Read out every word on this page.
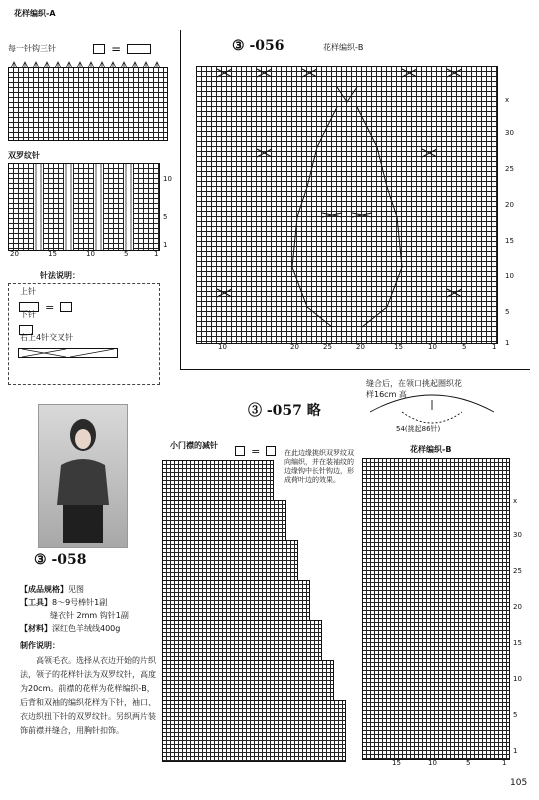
花样编织-A
每一针钩三针	=
双罗纹针
20	15	10	5	1
10
5
1
针法说明：
上针
=
下针
右上4针交叉针
③ -056	花样编织-B
10	20	25	20	15	10	5	1
x
30
25
20
15
10
5
1
③ -058
【成品规格】见图
【工具】8～9号棒针1副
缝衣针 2mm 钩针1副
【材料】深红色羊绒线400g
制作说明：
高领毛衣。选择从衣边开始的片织法，领子的花样针法为双罗纹针，高度为20cm。前襟的花样为花样编织-B，后背和双袖的编织花样为下针，袖口、衣边织扭下针的双罗纹针。另织两片装饰前襟并缝合，用胸针扣饰。
③ -057 略
缝合后，在领口挑起圈织花样16cm 高
54(挑起86针)
小门襟的减针	=	在此边缘挑织双罗纹双向编织，并在装袖纹的边缘钩中长针钩边，形成荷叶边的效果。
花样编织-B
15	10	5	1
x
30
25
20
15
10
5
1
105
